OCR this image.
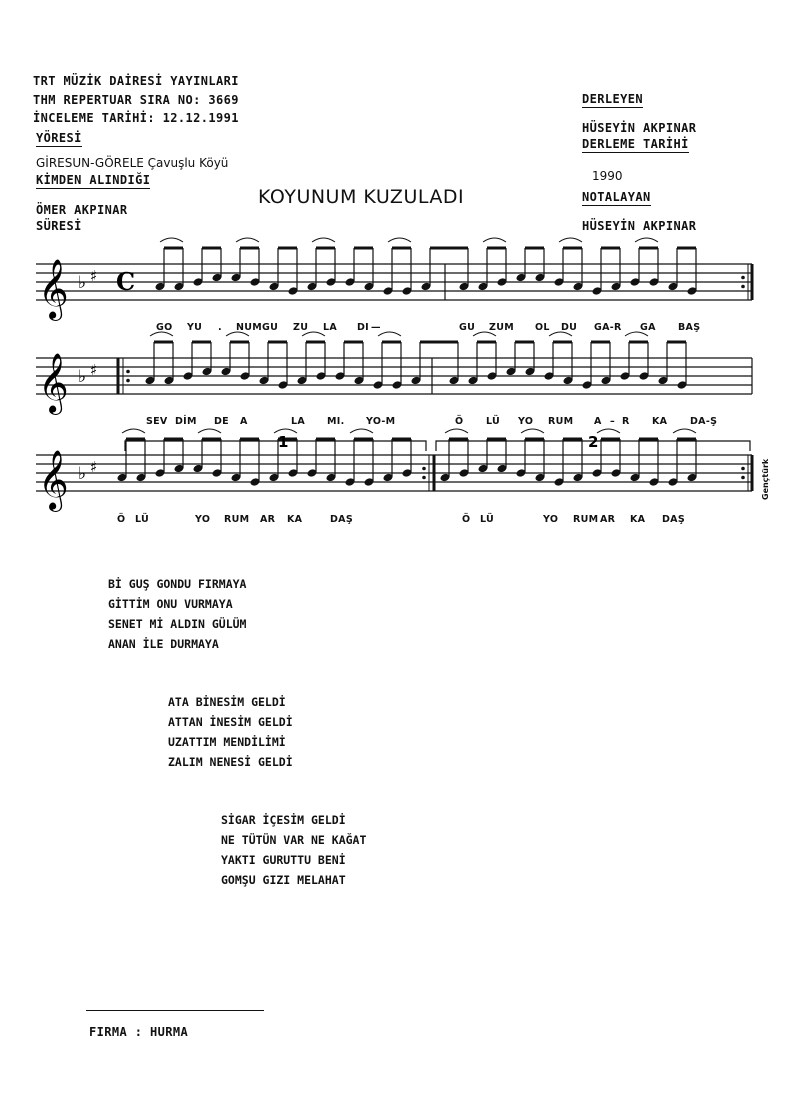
TRT MÜZİK DAİRESİ YAYINLARI
THM REPERTUAR SIRA NO: 3669
İNCELEME TARİHİ: 12.12.1991
YÖRESİ
GİRESUN-GÖRELE Çavuşlu Köyü
KİMDEN ALINDIĞI
ÖMER AKPINAR
SÜRESİ
DERLEYEN
HÜSEYİN AKPINAR
DERLEME TARİHİ
1990
NOTALAYAN
HÜSEYİN AKPINAR
KOYUNUM KUZULADI
𝄞 ♭ ♯ C
𝄞 ♭ ♯
𝄞 ♭ ♯
1	2
GO YU . NUM GU ZU LA DI —	GU ZUM OL DU GA-R GA BAŞ
SEV DİM DE A	LA MI. YO-M	Ö LÜ YO RUM A – R KA DA-Ş
Ö LÜ	YO RUM AR KA	DAŞ	Ö LÜ	YO RUM AR KA DAŞ
Gençtürk
Bİ GUŞ GONDU FIRMAYA
GİTTİM ONU VURMAYA
SENET Mİ ALDIN GÜLÜM
ANAN İLE DURMAYA
ATA BİNESİM GELDİ
ATTAN İNESİM GELDİ
UZATTIM MENDİLİMİ
ZALIM NENESİ GELDİ
SİGAR İÇESİM GELDİ
NE TÜTÜN VAR NE KAĞAT
YAKTI GURUTTU BENİ
GOMŞU GIZI MELAHAT
FIRMA : HURMA
